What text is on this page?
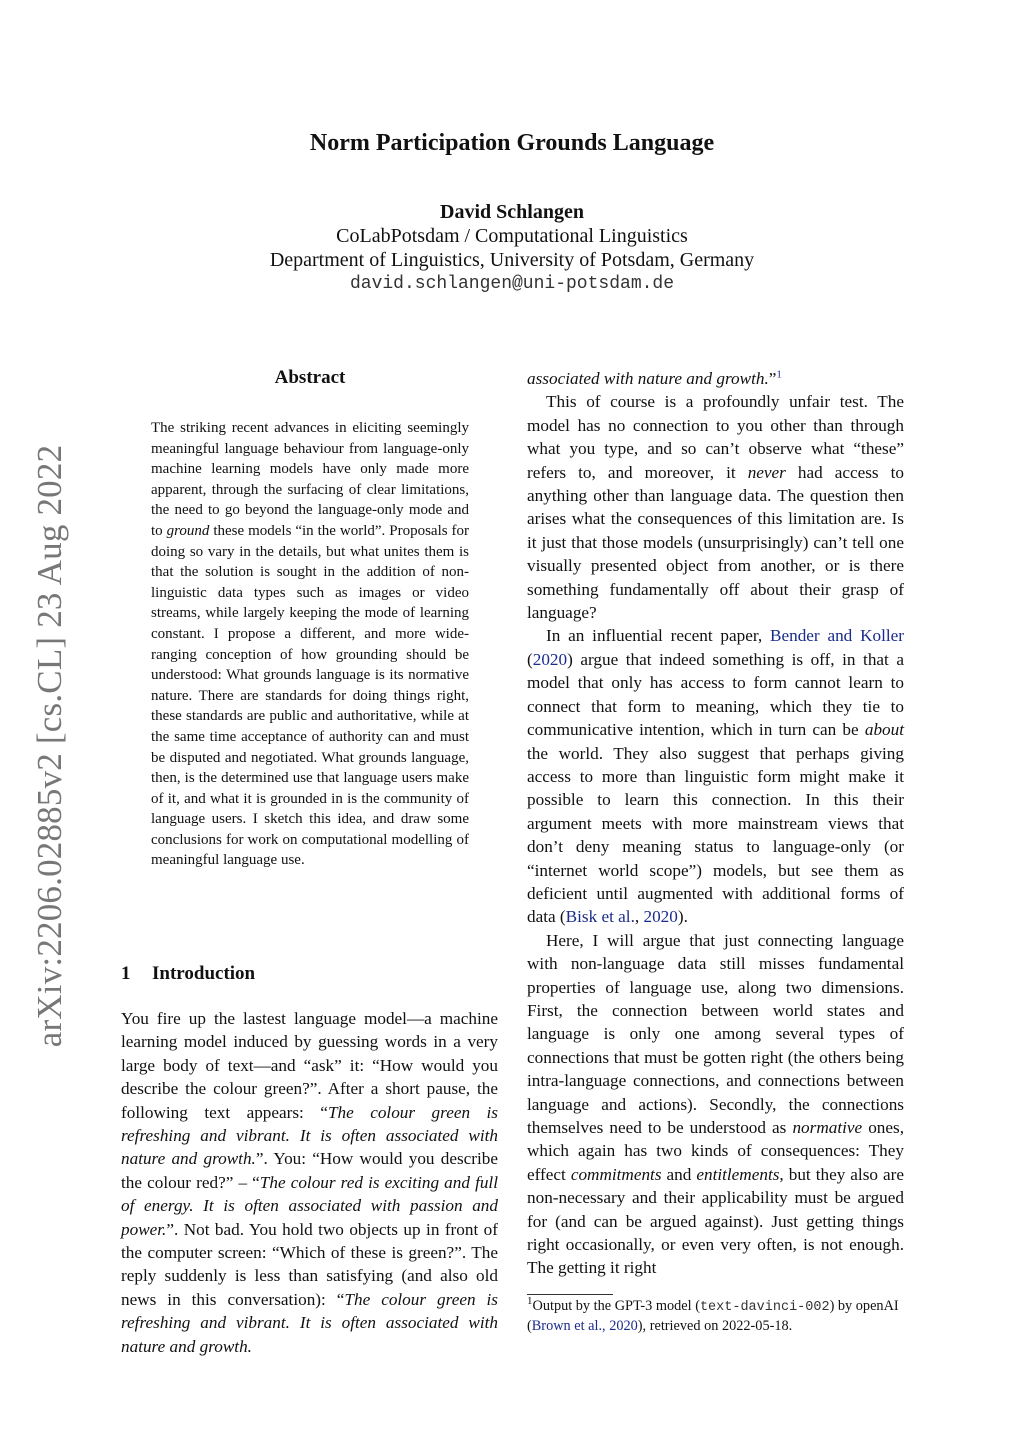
arXiv:2206.02885v2 [cs.CL] 23 Aug 2022
Norm Participation Grounds Language
David Schlangen
CoLabPotsdam / Computational Linguistics
Department of Linguistics, University of Potsdam, Germany
david.schlangen@uni-potsdam.de
Abstract

The striking recent advances in eliciting seemingly meaningful language behaviour from language-only machine learning models have only made more apparent, through the surfacing of clear limitations, the need to go beyond the language-only mode and to ground these models “in the world”. Proposals for doing so vary in the details, but what unites them is that the solution is sought in the addition of non-linguistic data types such as images or video streams, while largely keeping the mode of learning constant. I propose a different, and more wide-ranging conception of how grounding should be understood: What grounds language is its normative nature. There are standards for doing things right, these standards are public and authoritative, while at the same time acceptance of authority can and must be disputed and negotiated. What grounds language, then, is the determined use that language users make of it, and what it is grounded in is the community of language users. I sketch this idea, and draw some conclusions for work on computational modelling of meaningful language use.

1 Introduction

You fire up the lastest language model—a machine learning model induced by guessing words in a very large body of text—and “ask” it: “How would you describe the colour green?”. After a short pause, the following text appears: “The colour green is refreshing and vibrant. It is often associated with nature and growth.”. You: “How would you describe the colour red?” – “The colour red is exciting and full of energy. It is often associated with passion and power.”. Not bad. You hold two objects up in front of the computer screen: “Which of these is green?”. The reply suddenly is less than satisfying (and also old news in this conversation): “The colour green is refreshing and vibrant. It is often associated with nature and growth.

associated with nature and growth.”$^1$

This of course is a profoundly unfair test. The model has no connection to you other than through what you type, and so can’t observe what “these” refers to, and moreover, it never had access to anything other than language data. The question then arises what the consequences of this limitation are. Is it just that those models (unsurprisingly) can’t tell one visually presented object from another, or is there something fundamentally off about their grasp of language?

In an influential recent paper, Bender and Koller (2020) argue that indeed something is off, in that a model that only has access to form cannot learn to connect that form to meaning, which they tie to communicative intention, which in turn can be about the world. They also suggest that perhaps giving access to more than linguistic form might make it possible to learn this connection. In this their argument meets with more mainstream views that don’t deny meaning status to language-only (or “internet world scope”) models, but see them as deficient until augmented with additional forms of data (Bisk et al., 2020).

Here, I will argue that just connecting language with non-language data still misses fundamental properties of language use, along two dimensions. First, the connection between world states and language is only one among several types of connections that must be gotten right (the others being intra-language connections, and connections between language and actions). Secondly, the connections themselves need to be understood as normative ones, which again has two kinds of consequences: They effect commitments and entitlements, but they also are non-necessary and their applicability must be argued for (and can be argued against). Just getting things right occasionally, or even very often, is not enough. The getting it right

$^1$Output by the GPT-3 model (text-davinci-002) by openAI (Brown et al., 2020), retrieved on 2022-05-18.
